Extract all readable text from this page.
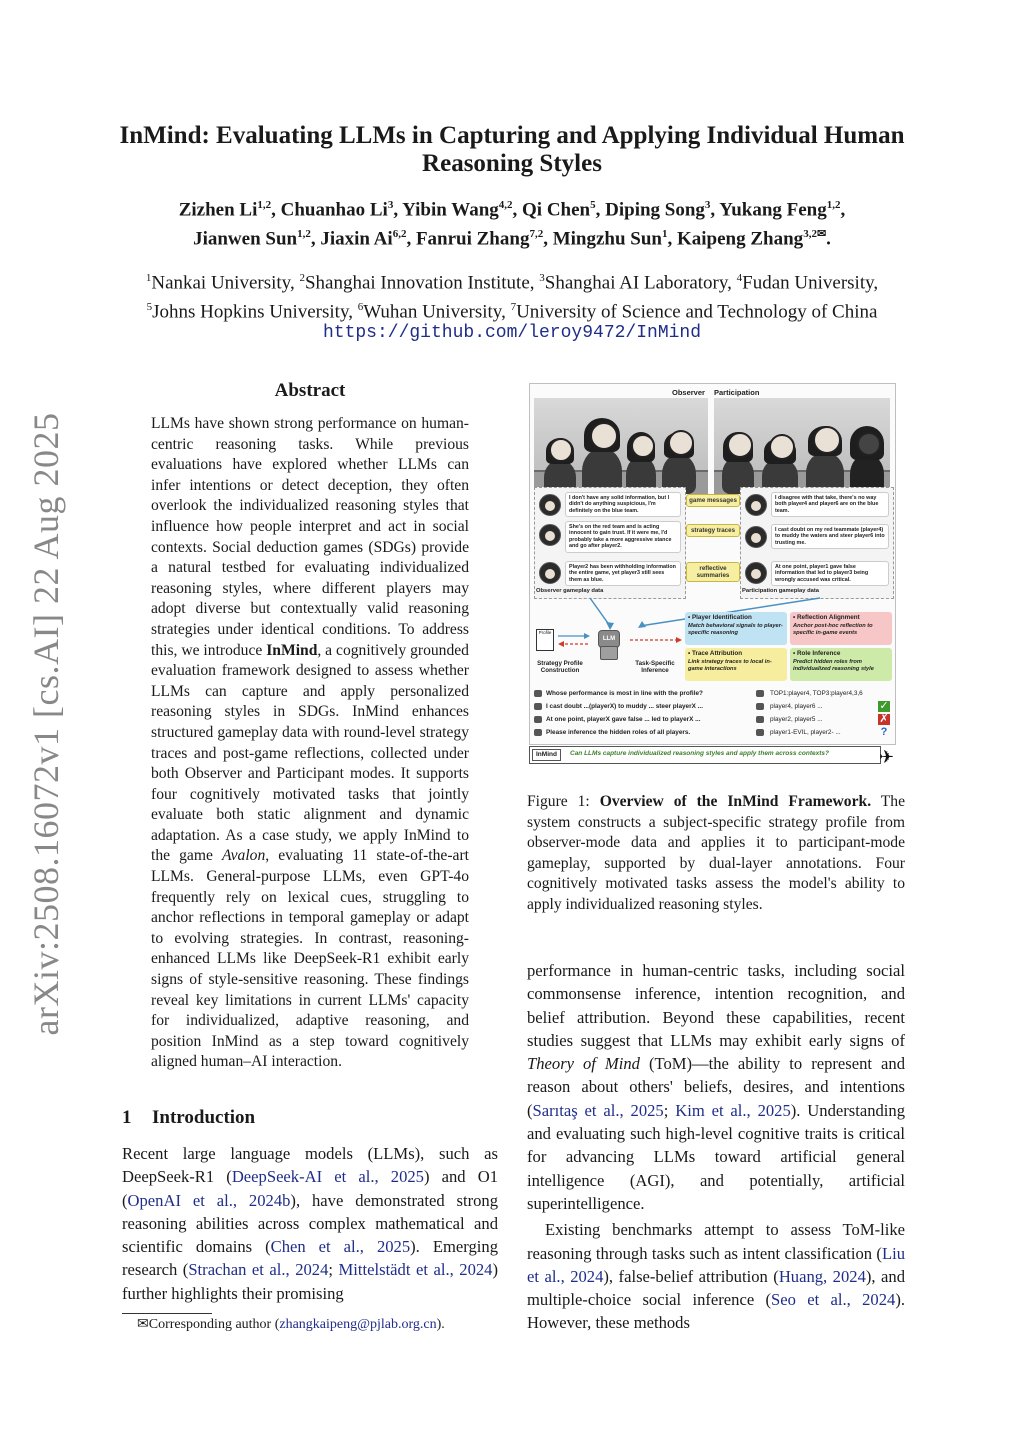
arXiv:2508.16072v1 [cs.AI] 22 Aug 2025
InMind: Evaluating LLMs in Capturing and Applying Individual Human Reasoning Styles
Zizhen Li$^{1,2}$, Chuanhao Li$^3$, Yibin Wang$^{4,2}$, Qi Chen$^5$, Diping Song$^3$, Yukang Feng$^{1,2}$,
Jianwen Sun$^{1,2}$, Jiaxin Ai$^{6,2}$, Fanrui Zhang$^{7,2}$, Mingzhu Sun$^1$, Kaipeng Zhang$^{3,2✉}$.
$^1$Nankai University, $^2$Shanghai Innovation Institute, $^3$Shanghai AI Laboratory, $^4$Fudan University,
$^5$Johns Hopkins University, $^6$Wuhan University, $^7$University of Science and Technology of China
https://github.com/leroy9472/InMind
Abstract
LLMs have shown strong performance on human-centric reasoning tasks. While previous evaluations have explored whether LLMs can infer intentions or detect deception, they often overlook the individualized reasoning styles that influence how people interpret and act in social contexts. Social deduction games (SDGs) provide a natural testbed for evaluating individualized reasoning styles, where different players may adopt diverse but contextually valid reasoning strategies under identical conditions. To address this, we introduce InMind, a cognitively grounded evaluation framework designed to assess whether LLMs can capture and apply personalized reasoning styles in SDGs. InMind enhances structured gameplay data with round-level strategy traces and post-game reflections, collected under both Observer and Participant modes. It supports four cognitively motivated tasks that jointly evaluate both static alignment and dynamic adaptation. As a case study, we apply InMind to the game Avalon, evaluating 11 state-of-the-art LLMs. General-purpose LLMs, even GPT-4o frequently rely on lexical cues, struggling to anchor reflections in temporal gameplay or adapt to evolving strategies. In contrast, reasoning-enhanced LLMs like DeepSeek-R1 exhibit early signs of style-sensitive reasoning. These findings reveal key limitations in current LLMs' capacity for individualized, adaptive reasoning, and position InMind as a step toward cognitively aligned human–AI interaction.
1 Introduction
Recent large language models (LLMs), such as DeepSeek-R1 (DeepSeek-AI et al., 2025) and O1 (OpenAI et al., 2024b), have demonstrated strong reasoning abilities across complex mathematical and scientific domains (Chen et al., 2025). Emerging research (Strachan et al., 2024; Mittelstädt et al., 2024) further highlights their promising
✉Corresponding author (zhangkaipeng@pjlab.org.cn).
Observer Participation
I don't have any solid information, but I didn't do anything suspicious, I'm definitely on the blue team.
She's on the red team and is acting innocent to gain trust. If it were me, I'd probably take a more aggressive stance and go after player2.
Player2 has been withholding information the entire game, yet player3 still sees them as blue.
Observer gameplay data
game messages
strategy traces
reflective summaries
I disagree with that take, there's no way both player4 and player6 are on the blue team.
I cast doubt on my red teammate (player4) to muddy the waters and steer player6 into trusting me.
At one point, player1 gave false information that led to player3 being wrongly accused was critical.
Participation gameplay data
Profile
LLM
Strategy Profile Construction
Task-Specific Inference
• Player Identification
Match behavioral signals to player-specific reasoning
• Reflection Alignment
Anchor post-hoc reflection to specific in-game events
• Trace Attribution
Link strategy traces to local in-game interactions
• Role Inference
Predict hidden roles from individualized reasoning style
Whose performance is most in line with the profile?	TOP1:player4, TOP3:player4,3,6
I cast doubt ...(playerX) to muddy ... steer playerX ...	player4, player6 ...	✓
At one point, playerX gave false ... led to playerX ...	player2, player5 ...	✗
Please inference the hidden roles of all players.	player1-EVIL, player2- ...	?
InMind	Can LLMs capture individualized reasoning styles and apply them across contexts?	✈
Figure 1: Overview of the InMind Framework. The system constructs a subject-specific strategy profile from observer-mode data and applies it to participant-mode gameplay, supported by dual-layer annotations. Four cognitively motivated tasks assess the model's ability to apply individualized reasoning styles.
performance in human-centric tasks, including social commonsense inference, intention recognition, and belief attribution. Beyond these capabilities, recent studies suggest that LLMs may exhibit early signs of Theory of Mind (ToM)—the ability to represent and reason about others' beliefs, desires, and intentions (Sarıtaş et al., 2025; Kim et al., 2025). Understanding and evaluating such high-level cognitive traits is critical for advancing LLMs toward artificial general intelligence (AGI), and potentially, artificial superintelligence.
Existing benchmarks attempt to assess ToM-like reasoning through tasks such as intent classification (Liu et al., 2024), false-belief attribution (Huang, 2024), and multiple-choice social inference (Seo et al., 2024). However, these methods
